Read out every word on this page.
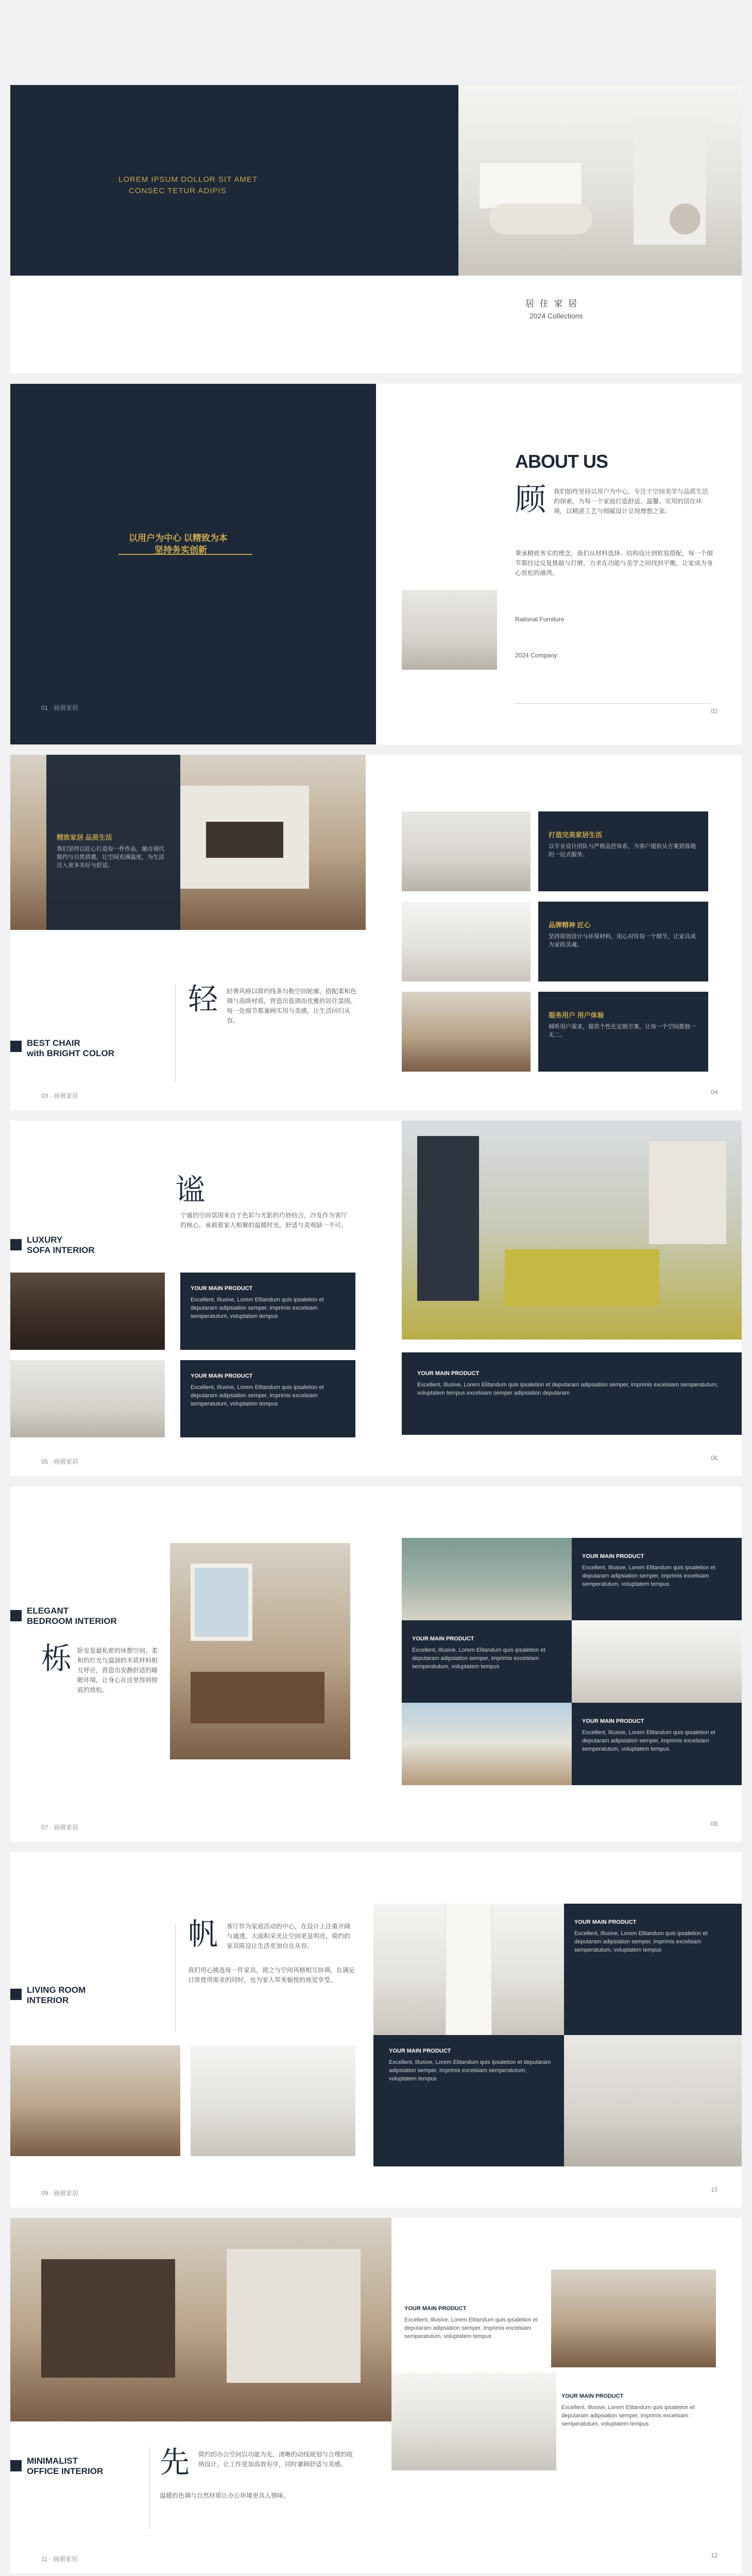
LOREM IPSUM DOLLOR SIT AMET
CONSEC TETUR ADIPIS
居 住 家 居
2024 Collections
以用户为中心 以精致为本
坚持务实创新
01 · 画册家居
ABOUT US
顾 我们始终坚持以用户为中心，专注于空间美学与品质生活的探索，为每一个家庭打造舒适、温馨、实用的居住环境，以精湛工艺与细腻设计呈现理想之家。
秉承精致务实的理念，我们从材料选择、结构设计到软装搭配，每一个细节都经过反复推敲与打磨，力求在功能与美学之间找到平衡，让家成为身心放松的港湾。
Rational Furniture
2024 Company
02
精致家居 品质生活
我们坚持以匠心打造每一件作品，融合现代简约与自然质感，让空间充满温度，为生活注入更多美好与舒适。
BEST CHAIR
with BRIGHT COLOR
轻 轻奢风格以简约线条勾勒空间轮廓，搭配柔和色调与高级材质，营造出低调而优雅的居住氛围。每一处细节都兼顾实用与美感，让生活回归从容。
03 · 画册家居
打造完美家居生活
以专业设计团队与严格品控体系，为客户提供从方案到落地的一站式服务。
品牌精神 匠心
坚持原创设计与环保材料，用心对待每一个细节，让家具成为家的灵魂。
服务用户 用户体验
倾听用户需求，提供个性化定制方案，让每一个空间都独一无二。
04
LUXURY
SOFA INTERIOR
谧
宁谧的空间氛围来自于色彩与光影的巧妙结合，沙发作为客厅的核心，承载着家人相聚的温暖时光，舒适与美观缺一不可。
YOUR MAIN PRODUCT
Excellent, Illusive, Lorem Elitandum quis ipsaletion et deputaram adipsiation semper, imprimis excelsiam semperatutum, voluptatem tempus
YOUR MAIN PRODUCT
Excellent, Illusive, Lorem Elitandum quis ipsaletion et deputaram adipsiation semper, imprimis excelsiam semperatutum, voluptatem tempus
05 · 画册家居
YOUR MAIN PRODUCT
Excellent, Illusive, Lorem Elitandum quis ipsaletion et deputaram adipsiation semper, imprimis excelsiam semperatutum, voluptatem tempus excelsiam semper adipsiation deputaram
06
ELEGANT
BEDROOM INTERIOR
栎 卧室是最私密的休憩空间，柔和的灯光与温润的木质材料相互呼应，营造出安静舒适的睡眠环境，让身心在这里得到彻底的放松。
07 · 画册家居
YOUR MAIN PRODUCT
Excellent, Illusive, Lorem Elitandum quis ipsaletion et deputaram adipsiation semper, imprimis excelsiam semperatutum, voluptatem tempus
YOUR MAIN PRODUCT
Excellent, Illusive, Lorem Elitandum quis ipsaletion et deputaram adipsiation semper, imprimis excelsiam semperatutum, voluptatem tempus
YOUR MAIN PRODUCT
Excellent, Illusive, Lorem Elitandum quis ipsaletion et deputaram adipsiation semper, imprimis excelsiam semperatutum, voluptatem tempus
08
LIVING ROOM
INTERIOR
帆 客厅作为家庭活动的中心，在设计上注重开阔与通透，大面积采光让空间更显明亮，简约的家具陈设让生活更加自在从容。
我们用心挑选每一件家具，使之与空间风格相互协调，在满足日常使用需求的同时，也为家人带来愉悦的视觉享受。
09 · 画册家居
YOUR MAIN PRODUCT
Excellent, Illusive, Lorem Elitandum quis ipsaletion et deputaram adipsiation semper, imprimis excelsiam semperatutum, voluptatem tempus
YOUR MAIN PRODUCT
Excellent, Illusive, Lorem Elitandum quis ipsaletion et deputaram adipsiation semper, imprimis excelsiam semperatutum, voluptatem tempus
10
MINIMALIST
OFFICE INTERIOR 先 简约的办公空间以功能为先，清晰的动线规划与合理的收纳设计，让工作更加高效有序，同时兼顾舒适与美感。
温暖的色调与自然材质让办公环境更具人情味。
11 · 画册家居
YOUR MAIN PRODUCT
Excellent, Illusive, Lorem Elitandum quis ipsaletion et deputaram adipsiation semper, imprimis excelsiam semperatutum, voluptatem tempus
YOUR MAIN PRODUCT
Excellent, Illusive, Lorem Elitandum quis ipsaletion et deputaram adipsiation semper, imprimis excelsiam semperatutum, voluptatem tempus
12
